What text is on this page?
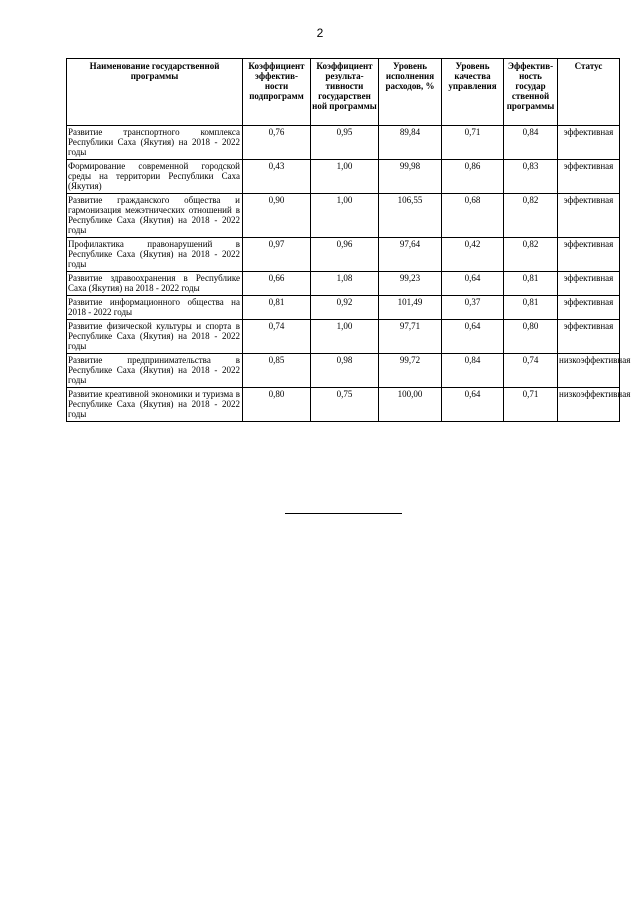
2
Наименование государственной программы	Коэффициент эффектив-ности подпрограмм	Коэффициент результа-тивности государствен ной программы	Уровень исполнения расходов, %	Уровень качества управления	Эффектив-ность государ ственной программы	Статус
Развитие транспортного комплекса Республики Саха (Якутия) на 2018 - 2022 годы	0,76	0,95	89,84	0,71	0,84	эффективная
Формирование современной городской среды на территории Республики Саха (Якутия)	0,43	1,00	99,98	0,86	0,83	эффективная
Развитие гражданского общества и гармонизация межэтнических отношений в Республике Саха (Якутия) на 2018 - 2022 годы	0,90	1,00	106,55	0,68	0,82	эффективная
Профилактика правонарушений в Республике Саха (Якутия) на 2018 - 2022 годы	0,97	0,96	97,64	0,42	0,82	эффективная
Развитие здравоохранения в Республике Саха (Якутия) на 2018 - 2022 годы	0,66	1,08	99,23	0,64	0,81	эффективная
Развитие информационного общества на 2018 - 2022 годы	0,81	0,92	101,49	0,37	0,81	эффективная
Развитие физической культуры и спорта в Республике Саха (Якутия) на 2018 - 2022 годы	0,74	1,00	97,71	0,64	0,80	эффективная
Развитие предпринимательства в Республике Саха (Якутия) на 2018 - 2022 годы	0,85	0,98	99,72	0,84	0,74	низкоэффективная
Развитие креативной экономики и туризма в Республике Саха (Якутия) на 2018 - 2022 годы	0,80	0,75	100,00	0,64	0,71	низкоэффективная
